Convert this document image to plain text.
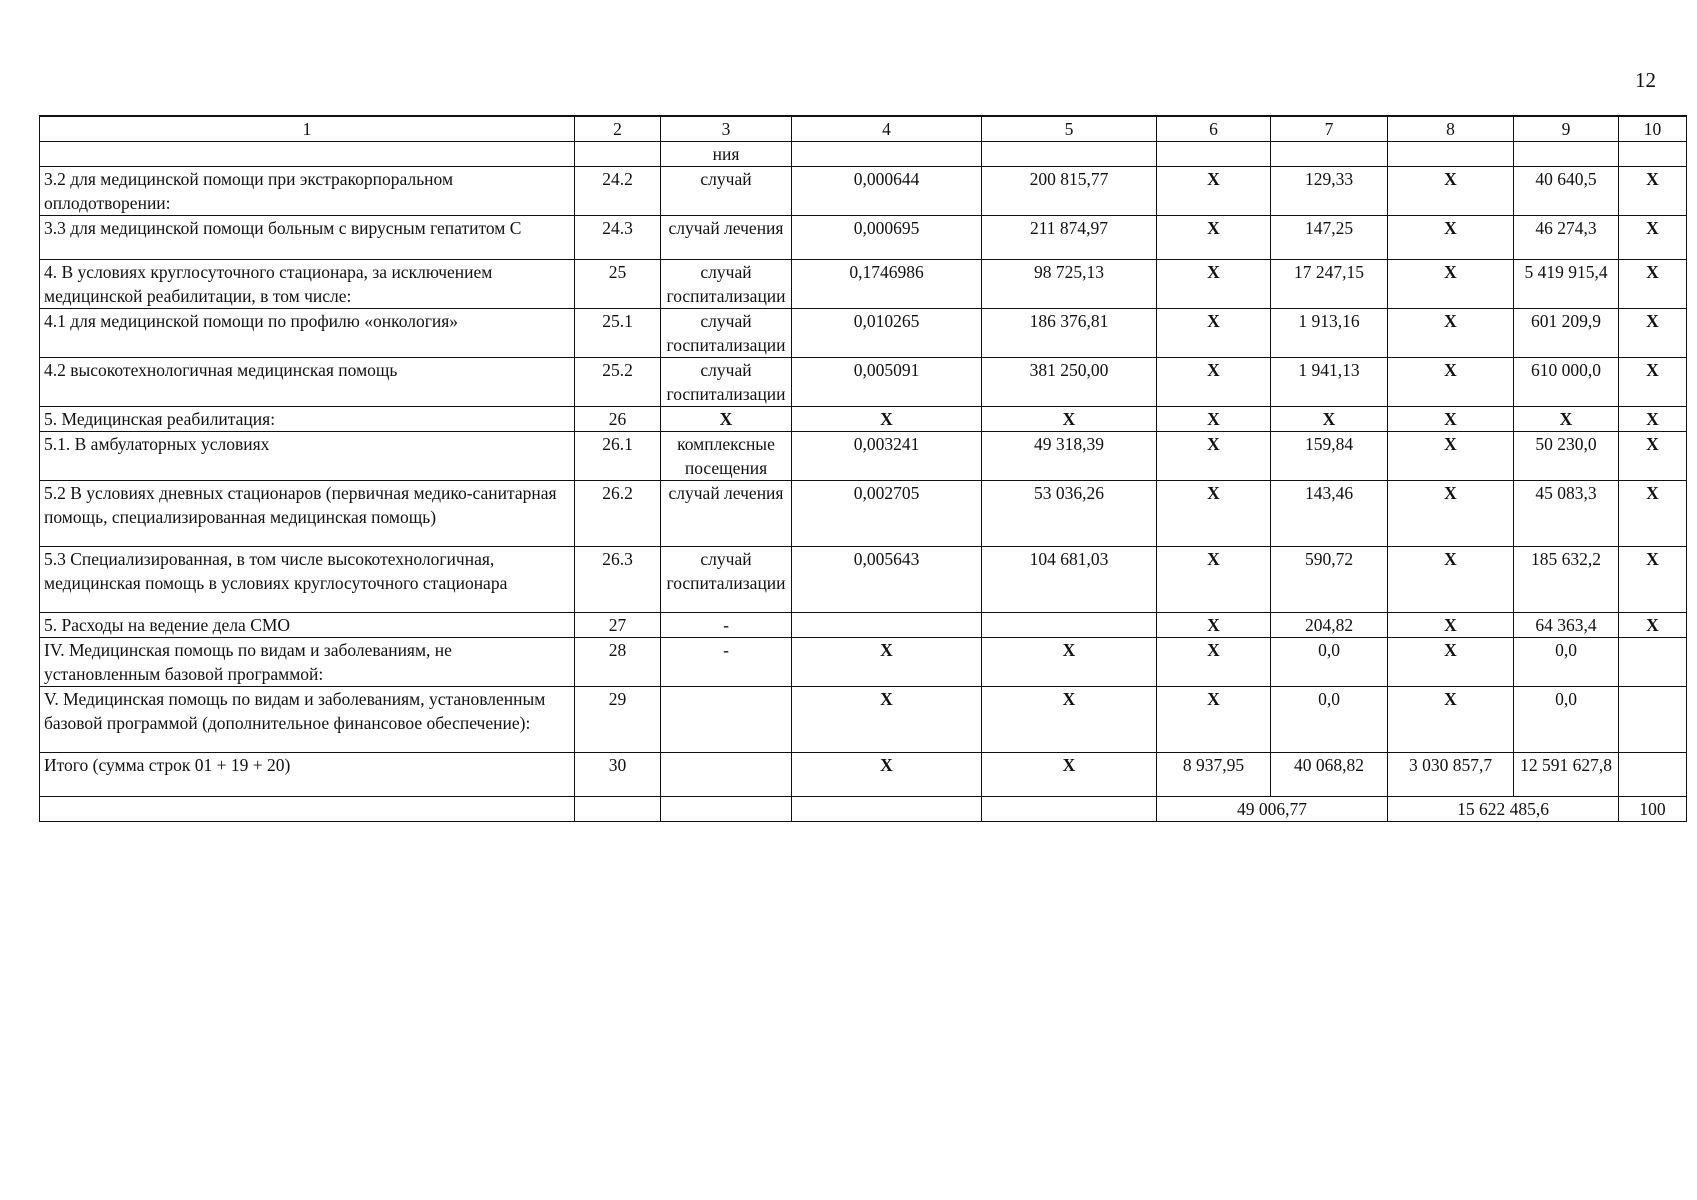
12
1	2	3	4	5	6	7	8	9	10
		ния							
3.2 для медицинской помощи при экстракорпоральном оплодотворении:	24.2	случай	0,000644	200 815,77	X	129,33	X	40 640,5	X
3.3 для медицинской помощи больным с вирусным гепатитом С	24.3	случай лечения	0,000695	211 874,97	X	147,25	X	46 274,3	X
4. В условиях круглосуточного стационара, за исключением медицинской реабилитации, в том числе:	25	случай госпитализации	0,1746986	98 725,13	X	17 247,15	X	5 419 915,4	X
4.1 для медицинской помощи по профилю «онкология»	25.1	случай госпитализации	0,010265	186 376,81	X	1 913,16	X	601 209,9	X
4.2 высокотехнологичная медицинская помощь	25.2	случай госпитализации	0,005091	381 250,00	X	1 941,13	X	610 000,0	X
5. Медицинская реабилитация:	26	X	X	X	X	X	X	X	X
5.1. В амбулаторных условиях	26.1	комплексные посещения	0,003241	49 318,39	X	159,84	X	50 230,0	X
5.2 В условиях дневных стационаров (первичная медико-санитарная помощь, специализированная медицинская помощь)	26.2	случай лечения	0,002705	53 036,26	X	143,46	X	45 083,3	X
5.3 Специализированная, в том числе высокотехнологичная, медицинская помощь в условиях круглосуточного стационара	26.3	случай госпитализации	0,005643	104 681,03	X	590,72	X	185 632,2	X
5. Расходы на ведение дела СМО	27	-			X	204,82	X	64 363,4	X
IV. Медицинская помощь по видам и заболеваниям, не установленным базовой программой:	28	-	X	X	X	0,0	X	0,0	
V. Медицинская помощь по видам и заболеваниям, установленным базовой программой (дополнительное финансовое обеспечение):	29		X	X	X	0,0	X	0,0	
Итого (сумма строк 01 + 19 + 20)	30		X	X	8 937,95	40 068,82	3 030 857,7	12 591 627,8	
					49 006,77		15 622 485,6		100
